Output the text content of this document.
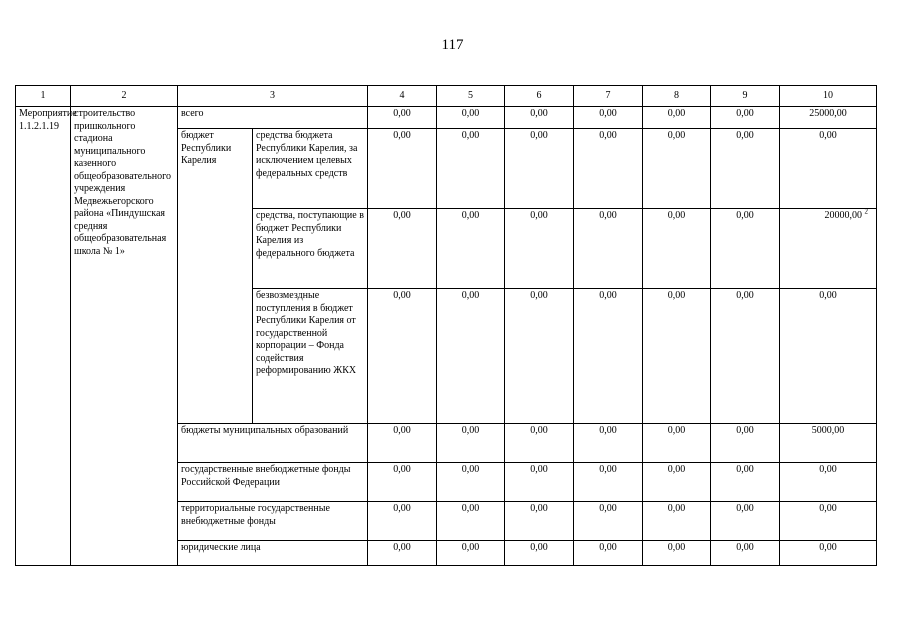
117
1	2	3		4	5	6	7	8	9	10
Мероприятие 1.1.2.1.19	строительство пришкольного стадиона муниципального казенного общеобразовательного учреждения Медвежьегорского района «Пиндушская средняя общеобразовательная школа № 1»	всего		0,00	0,00	0,00	0,00	0,00	0,00	25000,00
		бюджет Республики Карелия	средства бюджета Республики Карелия, за исключением целевых федеральных средств	0,00	0,00	0,00	0,00	0,00	0,00	0,00
			средства, поступающие в бюджет Республики Карелия из федерального бюджета	0,00	0,00	0,00	0,00	0,00	0,00	20000,00 $^2$
			безвозмездные поступления в бюджет Республики Карелия от государственной корпорации – Фонда содействия реформированию ЖКХ	0,00	0,00	0,00	0,00	0,00	0,00	0,00
		бюджеты муниципальных образований		0,00	0,00	0,00	0,00	0,00	0,00	5000,00
		государственные внебюджетные фонды Российской Федерации		0,00	0,00	0,00	0,00	0,00	0,00	0,00
		территориальные государственные внебюджетные фонды		0,00	0,00	0,00	0,00	0,00	0,00	0,00
		юридические лица		0,00	0,00	0,00	0,00	0,00	0,00	0,00
